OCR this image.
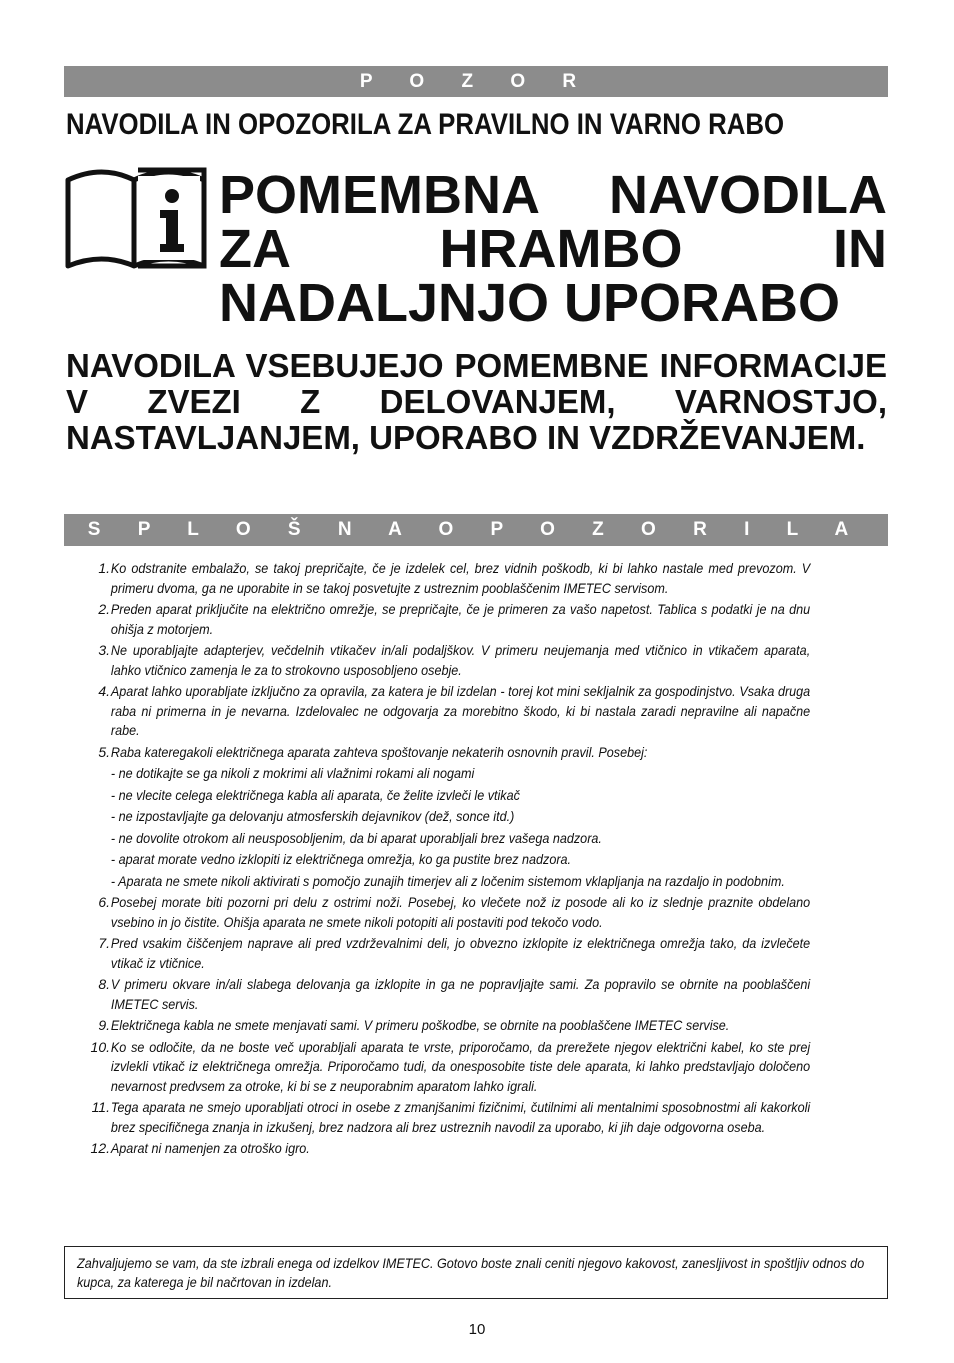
P O Z O R
NAVODILA IN OPOZORILA ZA PRAVILNO IN VARNO RABO
POMEMBNA NAVODILA ZA HRAMBO IN NADALJNJO UPORABO
NAVODILA VSEBUJEJO POMEMBNE INFORMACIJE V ZVEZI Z DELOVANJEM, VARNOSTJO, NASTAVLJANJEM, UPORABO IN VZDRŽEVANJEM.
S P L O Š N A O P O Z O R I L A
1. Ko odstranite embalažo, se takoj prepričajte, če je izdelek cel, brez vidnih poškodb, ki bi lahko nastale med prevozom. V primeru dvoma, ga ne uporabite in se takoj posvetujte z ustreznim pooblaščenim IMETEC servisom.
2. Preden aparat priključite na električno omrežje, se prepričajte, če je primeren za vašo napetost. Tablica s podatki je na dnu ohišja z motorjem.
3. Ne uporabljajte adapterjev, večdelnih vtikačev in/ali podaljškov. V primeru neujemanja med vtičnico in vtikačem aparata, lahko vtičnico zamenja le za to strokovno usposobljeno osebje.
4. Aparat lahko uporabljate izključno za opravila, za katera je bil izdelan - torej kot mini sekljalnik za gospodinjstvo. Vsaka druga raba ni primerna in je nevarna. Izdelovalec ne odgovarja za morebitno škodo, ki bi nastala zaradi nepravilne ali napačne rabe.
5. Raba kateregakoli električnega aparata zahteva spoštovanje nekaterih osnovnih pravil. Posebej:
- ne dotikajte se ga nikoli z mokrimi ali vlažnimi rokami ali nogami
- ne vlecite celega električnega kabla ali aparata, če želite izvleči le vtikač
- ne izpostavljajte ga delovanju atmosferskih dejavnikov (dež, sonce itd.)
- ne dovolite otrokom ali neusposobljenim, da bi aparat uporabljali brez vašega nadzora.
- aparat morate vedno izklopiti iz električnega omrežja, ko ga pustite brez nadzora.
- Aparata ne smete nikoli aktivirati s pomočjo zunajih timerjev ali z ločenim sistemom vklapljanja na razdaljo in podobnim.
6. Posebej morate biti pozorni pri delu z ostrimi noži. Posebej, ko vlečete nož iz posode ali ko iz slednje praznite obdelano vsebino in jo čistite. Ohišja aparata ne smete nikoli potopiti ali postaviti pod tekočo vodo.
7. Pred vsakim čiščenjem naprave ali pred vzdrževalnimi deli, jo obvezno izklopite iz električnega omrežja tako, da izvlečete vtikač iz vtičnice.
8. V primeru okvare in/ali slabega delovanja ga izklopite in ga ne popravljajte sami. Za popravilo se obrnite na pooblaščeni IMETEC servis.
9. Električnega kabla ne smete menjavati sami. V primeru poškodbe, se obrnite na pooblaščene IMETEC servise.
10. Ko se odločite, da ne boste več uporabljali aparata te vrste, priporočamo, da prerežete njegov električni kabel, ko ste prej izvlekli vtikač iz električnega omrežja. Priporočamo tudi, da onesposobite tiste dele aparata, ki lahko predstavljajo določeno nevarnost predvsem za otroke, ki bi se z neuporabnim aparatom lahko igrali.
11. Tega aparata ne smejo uporabljati otroci in osebe z zmanjšanimi fizičnimi, čutilnimi ali mentalnimi sposobnostmi ali kakorkoli brez specifičnega znanja in izkušenj, brez nadzora ali brez ustreznih navodil za uporabo, ki jih daje odgovorna oseba.
12. Aparat ni namenjen za otroško igro.
Zahvaljujemo se vam, da ste izbrali enega od izdelkov IMETEC. Gotovo boste znali ceniti njegovo kakovost, zanesljivost in spoštljiv odnos do kupca, za katerega je bil načrtovan in izdelan.
10
